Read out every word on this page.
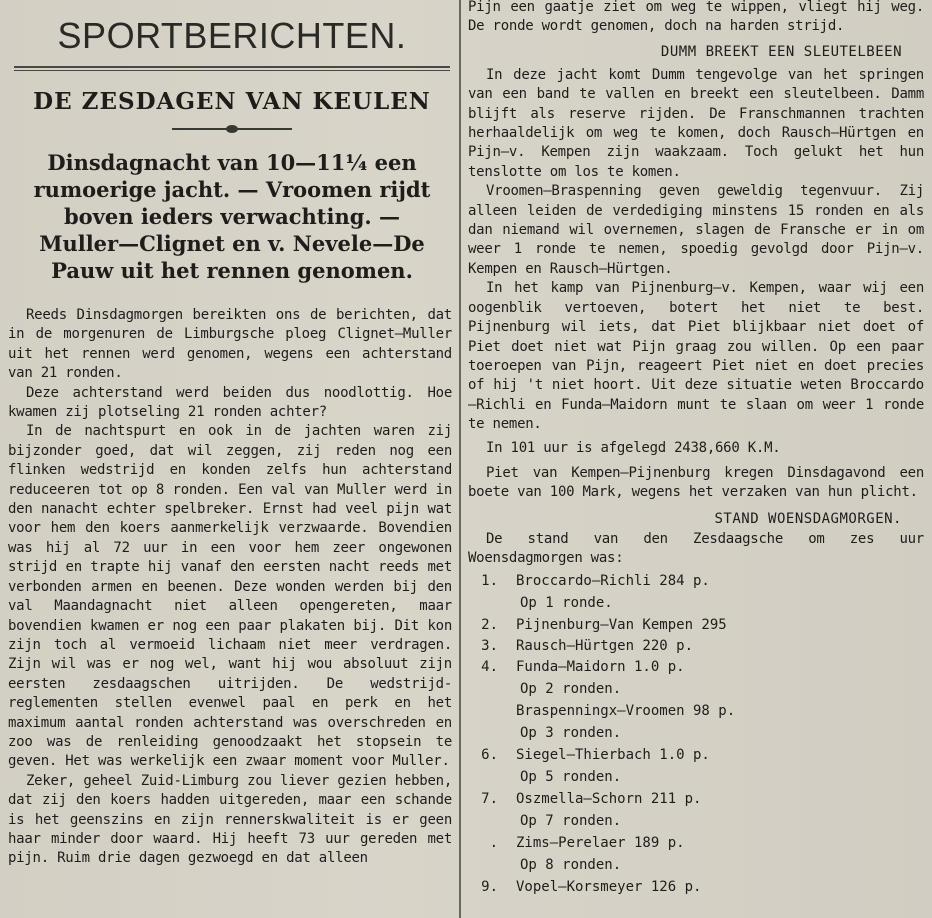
SPORTBERICHTEN.
DE ZESDAGEN VAN KEULEN
Dinsdagnacht van 10—11¼ een rumoerige jacht. — Vroomen rijdt boven ieders verwachting. — Muller—Clignet en v. Nevele—De Pauw uit het rennen genomen.

Reeds Dinsdagmorgen bereikten ons de berichten, dat in de morgenuren de Limburgsche ploeg Clignet—Muller uit het rennen werd genomen, wegens een achterstand van 21 ronden.

Deze achterstand werd beiden dus noodlottig. Hoe kwamen zij plotseling 21 ronden achter?

In de nachtspurt en ook in de jachten waren zij bijzonder goed, dat wil zeggen, zij reden nog een flinken wedstrijd en konden zelfs hun achterstand reduceeren tot op 8 ronden. Een val van Muller werd in den nanacht echter spelbreker. Ernst had veel pijn wat voor hem den koers aanmerkelijk verzwaarde. Bovendien was hij al 72 uur in een voor hem zeer ongewonen strijd en trapte hij vanaf den eersten nacht reeds met verbonden armen en beenen. Deze wonden werden bij den val Maandagnacht niet alleen opengereten, maar bovendien kwamen er nog een paar plakaten bij. Dit kon zijn toch al vermoeid lichaam niet meer verdragen. Zijn wil was er nog wel, want hij wou absoluut zijn eersten zesdaagschen uitrijden. De wedstrijd-reglementen stellen evenwel paal en perk en het maximum aantal ronden achterstand was overschreden en zoo was de renleiding genoodzaakt het stopsein te geven. Het was werkelijk een zwaar moment voor Muller.

Zeker, geheel Zuid-Limburg zou liever gezien hebben, dat zij den koers hadden uitgereden, maar een schande is het geenszins en zijn rennerskwaliteit is er geen haar minder door waard. Hij heeft 73 uur gereden met pijn. Ruim drie dagen gezwoegd en dat alleen

Pijn een gaatje ziet om weg te wippen, vliegt hij weg. De ronde wordt genomen, doch na harden strijd.

DUMM BREEKT EEN SLEUTELBEEN

In deze jacht komt Dumm tengevolge van het springen van een band te vallen en breekt een sleutelbeen. Damm blijft als reserve rijden. De Franschmannen trachten herhaaldelijk om weg te komen, doch Rausch—Hürtgen en Pijn—v. Kempen zijn waakzaam. Toch gelukt het hun tenslotte om los te komen.

Vroomen—Braspenning geven geweldig tegenvuur. Zij alleen leiden de verdediging minstens 15 ronden en als dan niemand wil overnemen, slagen de Fransche er in om weer 1 ronde te nemen, spoedig gevolgd door Pijn—v. Kempen en Rausch—Hürtgen.

In het kamp van Pijnenburg—v. Kempen, waar wij een oogenblik vertoeven, botert het niet te best. Pijnenburg wil iets, dat Piet blijkbaar niet doet of Piet doet niet wat Pijn graag zou willen. Op een paar toeroepen van Pijn, reageert Piet niet en doet precies of hij 't niet hoort. Uit deze situatie weten Broccardo—Richli en Funda—Maidorn munt te slaan om weer 1 ronde te nemen.

In 101 uur is afgelegd 2438,660 K.M.

Piet van Kempen—Pijnenburg kregen Dinsdagavond een boete van 100 Mark, wegens het verzaken van hun plicht.

STAND WOENSDAGMORGEN.

De stand van den Zesdaagsche om zes uur Woensdagmorgen was:

1. Broccardo—Richli 284 p.
Op 1 ronde.
2. Pijnenburg—Van Kempen 295
3. Rausch—Hürtgen 220 p.
4. Funda—Maidorn 1.0 p.
Op 2 ronden.
Braspenningx—Vroomen 98 p.
Op 3 ronden.
6. Siegel—Thierbach 1.0 p.
Op 5 ronden.
7. Oszmella—Schorn 211 p.
Op 7 ronden.
. Zims—Perelaer 189 p.
Op 8 ronden.
9. Vopel—Korsmeyer 126 p.
